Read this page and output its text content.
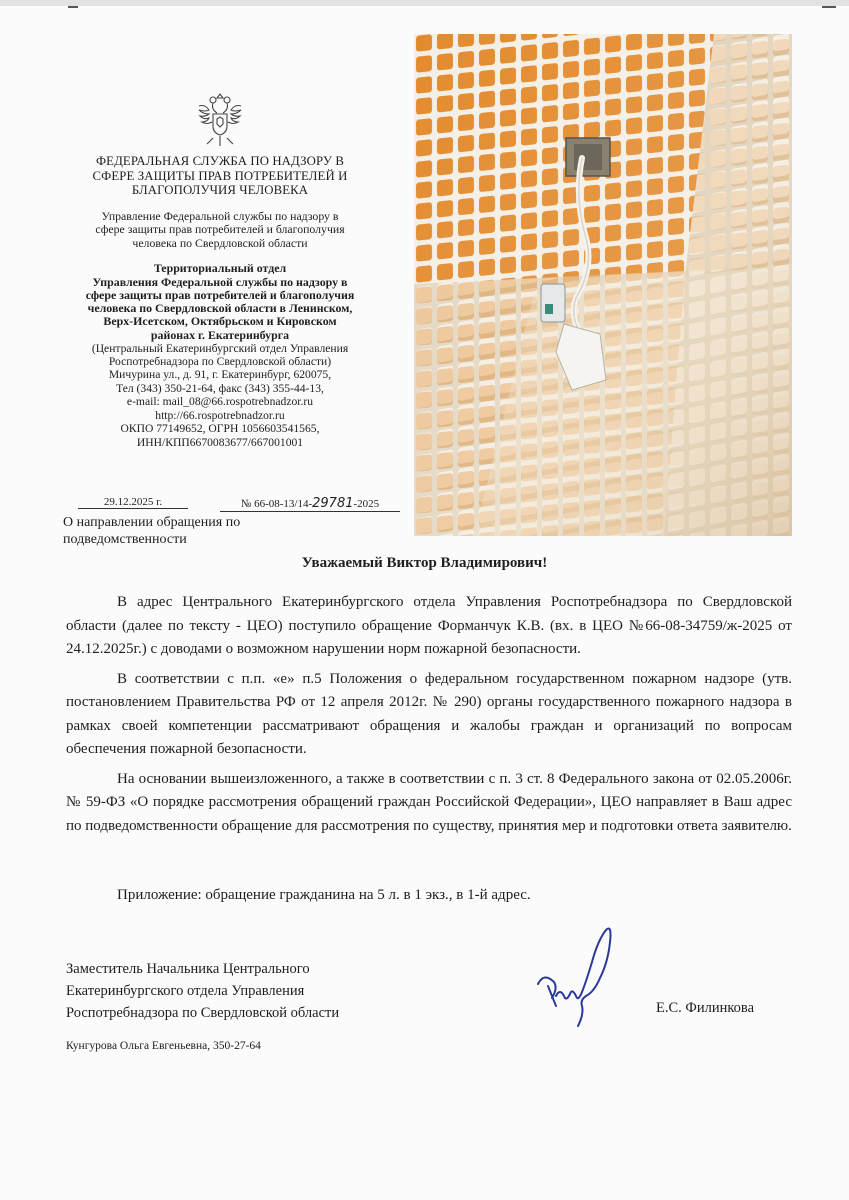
ФЕДЕРАЛЬНАЯ СЛУЖБА ПО НАДЗОРУ В
СФЕРЕ ЗАЩИТЫ ПРАВ ПОТРЕБИТЕЛЕЙ И
БЛАГОПОЛУЧИЯ ЧЕЛОВЕКА
Управление Федеральной службы по надзору в
сфере защиты прав потребителей и благополучия
человека по Свердловской области
Территориальный отдел
Управления Федеральной службы по надзору в
сфере защиты прав потребителей и благополучия
человека по Свердловской области в Ленинском,
Верх-Исетском, Октябрьском и Кировском
районах г. Екатеринбурга
(Центральный Екатеринбургский отдел Управления
Роспотребнадзора по Свердловской области)
Мичурина ул., д. 91, г. Екатеринбург, 620075,
Тел (343) 350-21-64, факс (343) 355-44-13,
e-mail: mail_08@66.rospotrebnadzor.ru
http://66.rospotrebnadzor.ru
ОКПО 77149652, ОГРН 1056603541565,
ИНН/КПП6670083677/667001001
29.12.2025 г.	№ 66-08-13/14-29781-2025
О направлении обращения по
подведомственности
Уважаемый Виктор Владимирович!

В адрес Центрального Екатеринбургского отдела Управления Роспотребнадзора по Свердловской области (далее по тексту - ЦЕО) поступило обращение Форманчук К.В. (вх. в ЦЕО №66-08-34759/ж-2025 от 24.12.2025г.) с доводами о возможном нарушении норм пожарной безопасности.

В соответствии с п.п. «е» п.5 Положения о федеральном государственном пожарном надзоре (утв. постановлением Правительства РФ от 12 апреля 2012г. № 290) органы государственного пожарного надзора в рамках своей компетенции рассматривают обращения и жалобы граждан и организаций по вопросам обеспечения пожарной безопасности.

На основании вышеизложенного, а также в соответствии с п. 3 ст. 8 Федерального закона от 02.05.2006г. № 59-ФЗ «О порядке рассмотрения обращений граждан Российской Федерации», ЦЕО направляет в Ваш адрес по подведомственности обращение для рассмотрения по существу, принятия мер и подготовки ответа заявителю.

Приложение: обращение гражданина на 5 л. в 1 экз., в 1-й адрес.
Заместитель Начальника Центрального
Екатеринбургского отдела Управления
Роспотребнадзора по Свердловской области	Е.С. Филинкова
Кунгурова Ольга Евгеньевна, 350-27-64
